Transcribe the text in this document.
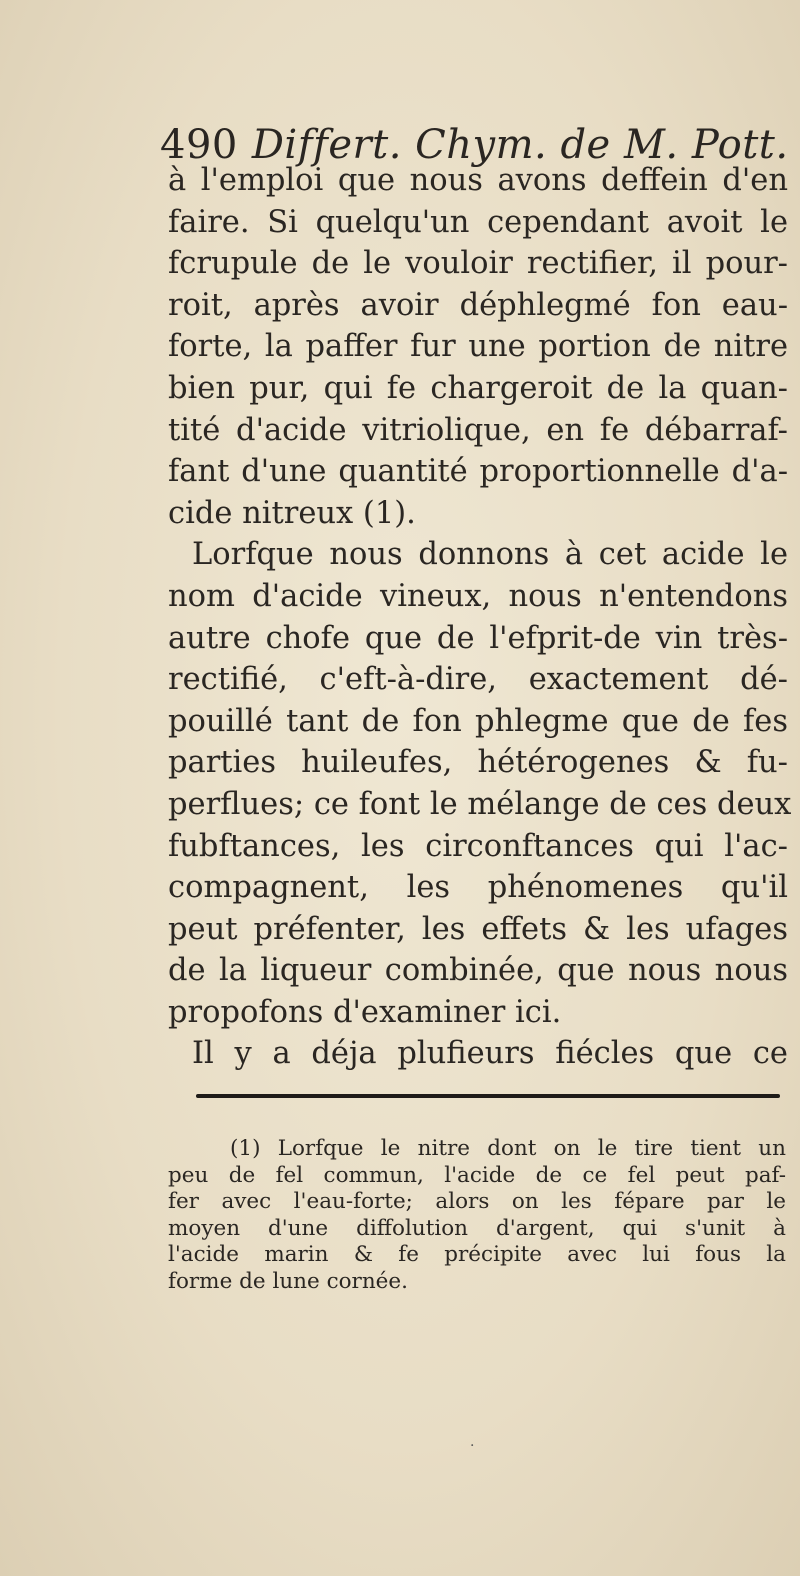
490 Differt. Chym. de M. Pott.
à l'emploi que nous avons deffein d'en
faire. Si quelqu'un cependant avoit le
fcrupule de le vouloir rectifier, il pour-
roit, après avoir déphlegmé fon eau-
forte, la paffer fur une portion de nitre
bien pur, qui fe chargeroit de la quan-
tité d'acide vitriolique, en fe débarraf-
fant d'une quantité proportionnelle d'a-
cide nitreux (1).
Lorfque nous donnons à cet acide le
nom d'acide vineux, nous n'entendons
autre chofe que de l'efprit-de vin très-
rectifié, c'eft-à-dire, exactement dé-
pouillé tant de fon phlegme que de fes
parties huileufes, hétérogenes & fu-
perflues; ce font le mélange de ces deux
fubftances, les circonftances qui l'ac-
compagnent, les phénomenes qu'il
peut préfenter, les effets & les ufages
de la liqueur combinée, que nous nous
propofons d'examiner ici.
Il y a déja plufieurs fiécles que ce
(1) Lorfque le nitre dont on le tire tient un
peu de fel commun, l'acide de ce fel peut paf-
fer avec l'eau-forte; alors on les fépare par le
moyen d'une diffolution d'argent, qui s'unit à
l'acide marin & fe précipite avec lui fous la
forme de lune cornée.
·
